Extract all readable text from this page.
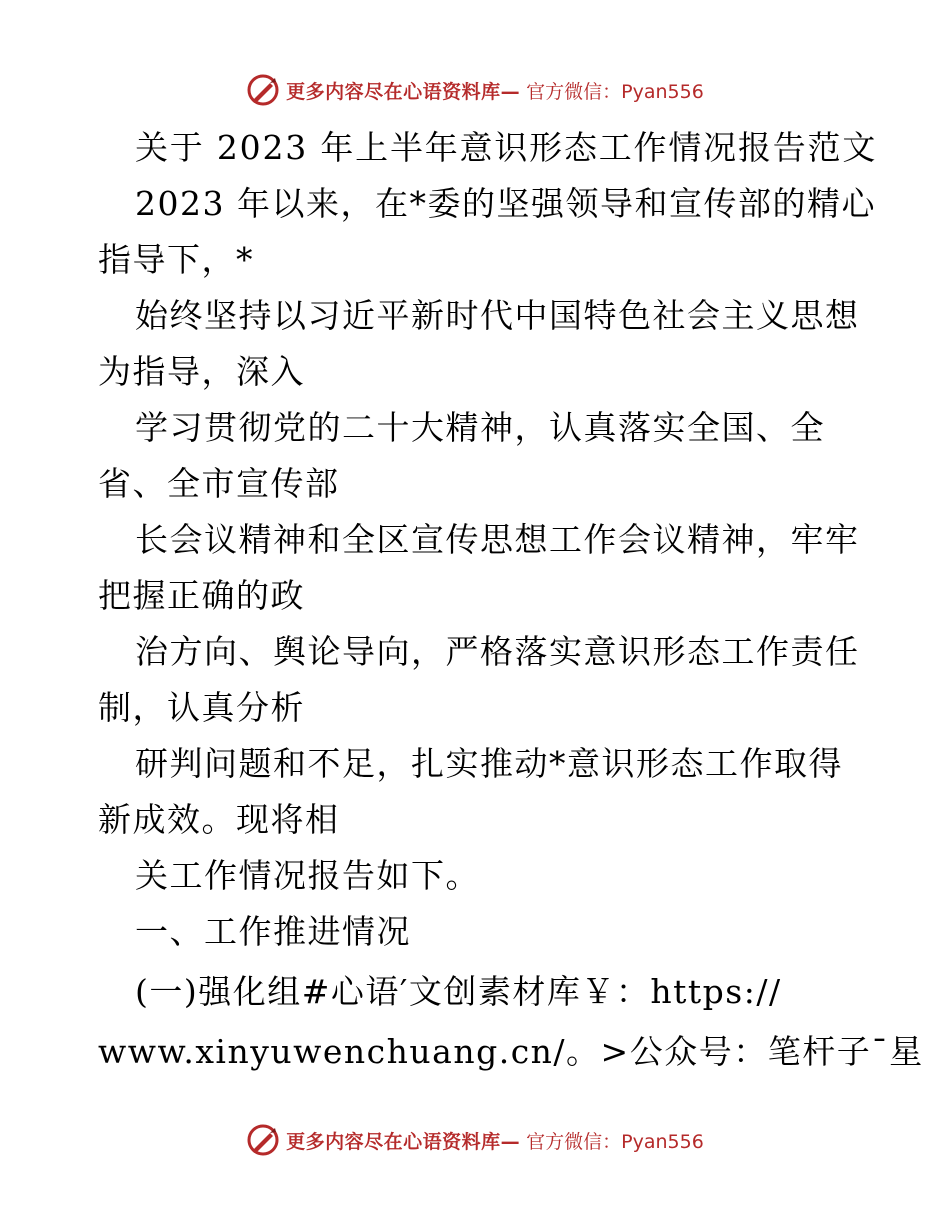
更多内容尽在心语资料库— 官方微信：Pyan556
关于 2023 年上半年意识形态工作情况报告范文
2023 年以来，在*委的坚强领导和宣传部的精心
指导下，*
始终坚持以习近平新时代中国特色社会主义思想
为指导，深入
学习贯彻党的二十大精神，认真落实全国、全
省、全市宣传部
长会议精神和全区宣传思想工作会议精神，牢牢
把握正确的政
治方向、舆论导向，严格落实意识形态工作责任
制，认真分析
研判问题和不足，扎实推动*意识形态工作取得
新成效。现将相
关工作情况报告如下。
一、工作推进情况
(一)强化组#心语′文创素材库￥：https://
www.xinyuwenchuang.cn/。>公众号：笔杆子¯星
更多内容尽在心语资料库— 官方微信：Pyan556
